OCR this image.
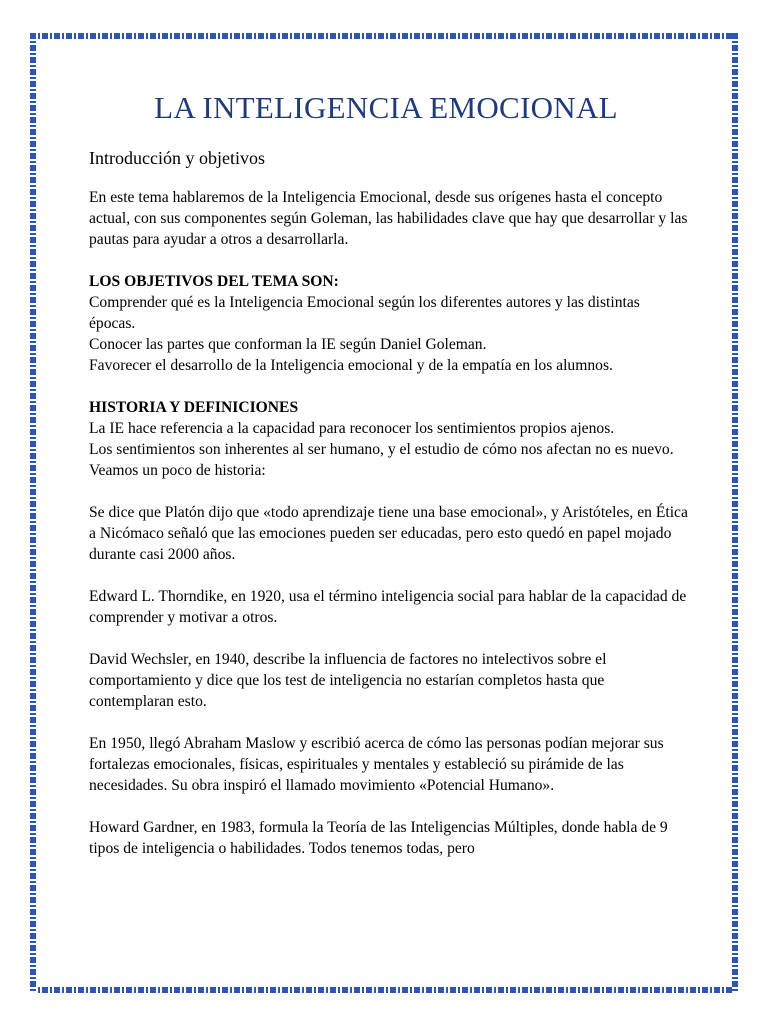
LA INTELIGENCIA EMOCIONAL
Introducción y objetivos

En este tema hablaremos de la Inteligencia Emocional, desde sus orígenes hasta el concepto actual, con sus componentes según Goleman, las habilidades clave que hay que desarrollar y las pautas para ayudar a otros a desarrollarla.

LOS OBJETIVOS DEL TEMA SON:
Comprender qué es la Inteligencia Emocional según los diferentes autores y las distintas épocas.
Conocer las partes que conforman la IE según Daniel Goleman.
Favorecer el desarrollo de la Inteligencia emocional y de la empatía en los alumnos.

HISTORIA Y DEFINICIONES
La IE hace referencia a la capacidad para reconocer los sentimientos propios ajenos.
Los sentimientos son inherentes al ser humano, y el estudio de cómo nos afectan no es nuevo. Veamos un poco de historia:

Se dice que Platón dijo que «todo aprendizaje tiene una base emocional», y Aristóteles, en Ética a Nicómaco señaló que las emociones pueden ser educadas, pero esto quedó en papel mojado durante casi 2000 años.

Edward L. Thorndike, en 1920, usa el término inteligencia social para hablar de la capacidad de comprender y motivar a otros.

David Wechsler, en 1940, describe la influencia de factores no intelectivos sobre el comportamiento y dice que los test de inteligencia no estarían completos hasta que contemplaran esto.

En 1950, llegó Abraham Maslow y escribió acerca de cómo las personas podían mejorar sus fortalezas emocionales, físicas, espirituales y mentales y estableció su pirámide de las necesidades. Su obra inspiró el llamado movimiento «Potencial Humano».

Howard Gardner, en 1983, formula la Teoría de las Inteligencias Múltiples, donde habla de 9 tipos de inteligencia o habilidades. Todos tenemos todas, pero
